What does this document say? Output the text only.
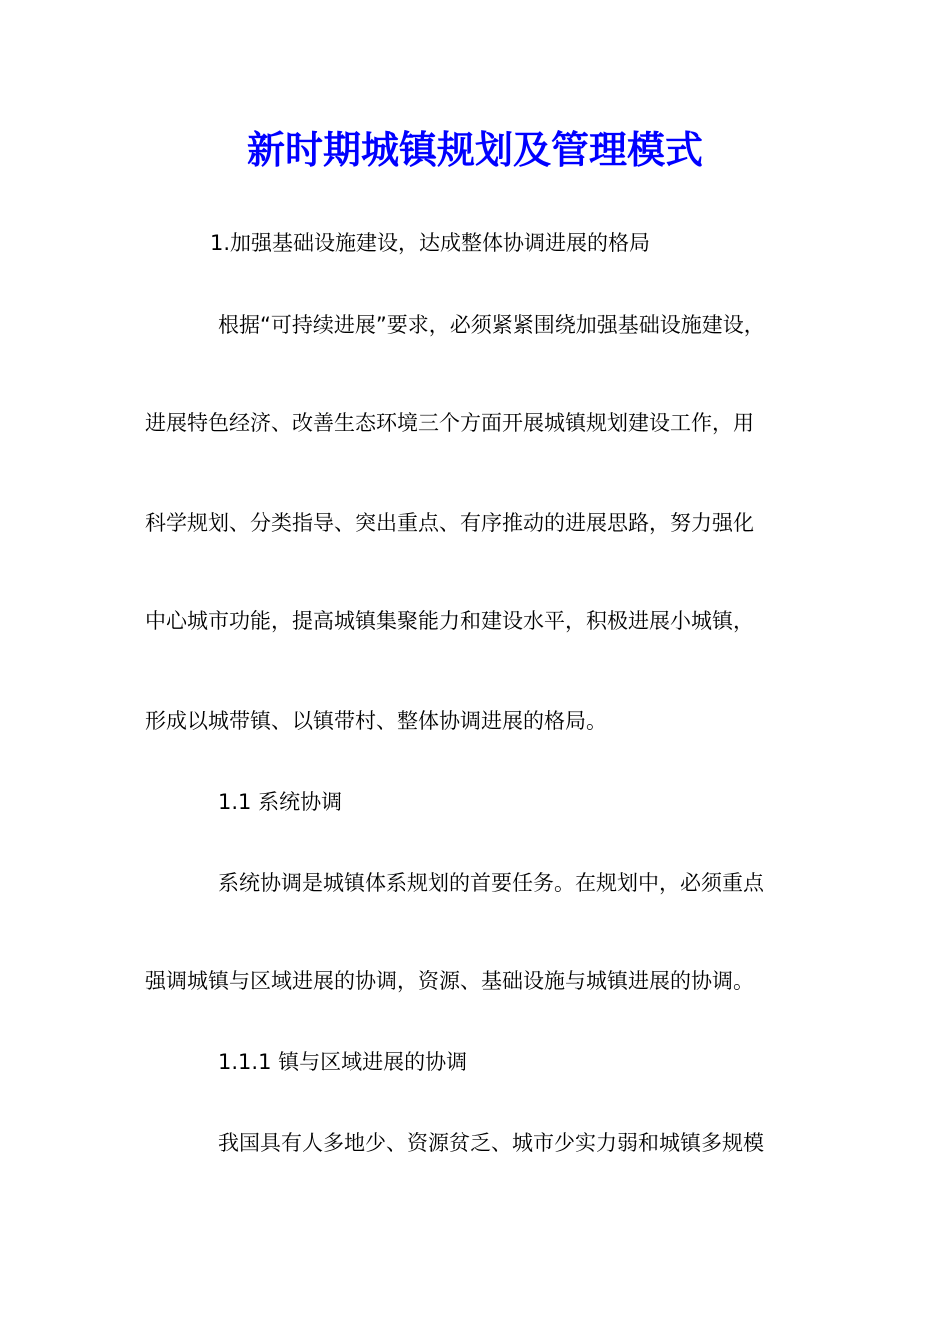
新时期城镇规划及管理模式

1.加强基础设施建设，达成整体协调进展的格局

根据“可持续进展”要求，必须紧紧围绕加强基础设施建设，

进展特色经济、改善生态环境三个方面开展城镇规划建设工作，用

科学规划、分类指导、突出重点、有序推动的进展思路，努力强化

中心城市功能，提高城镇集聚能力和建设水平，积极进展小城镇，

形成以城带镇、以镇带村、整体协调进展的格局。

1.1 系统协调

系统协调是城镇体系规划的首要任务。在规划中，必须重点

强调城镇与区域进展的协调，资源、基础设施与城镇进展的协调。

1.1.1 镇与区域进展的协调

我国具有人多地少、资源贫乏、城市少实力弱和城镇多规模
